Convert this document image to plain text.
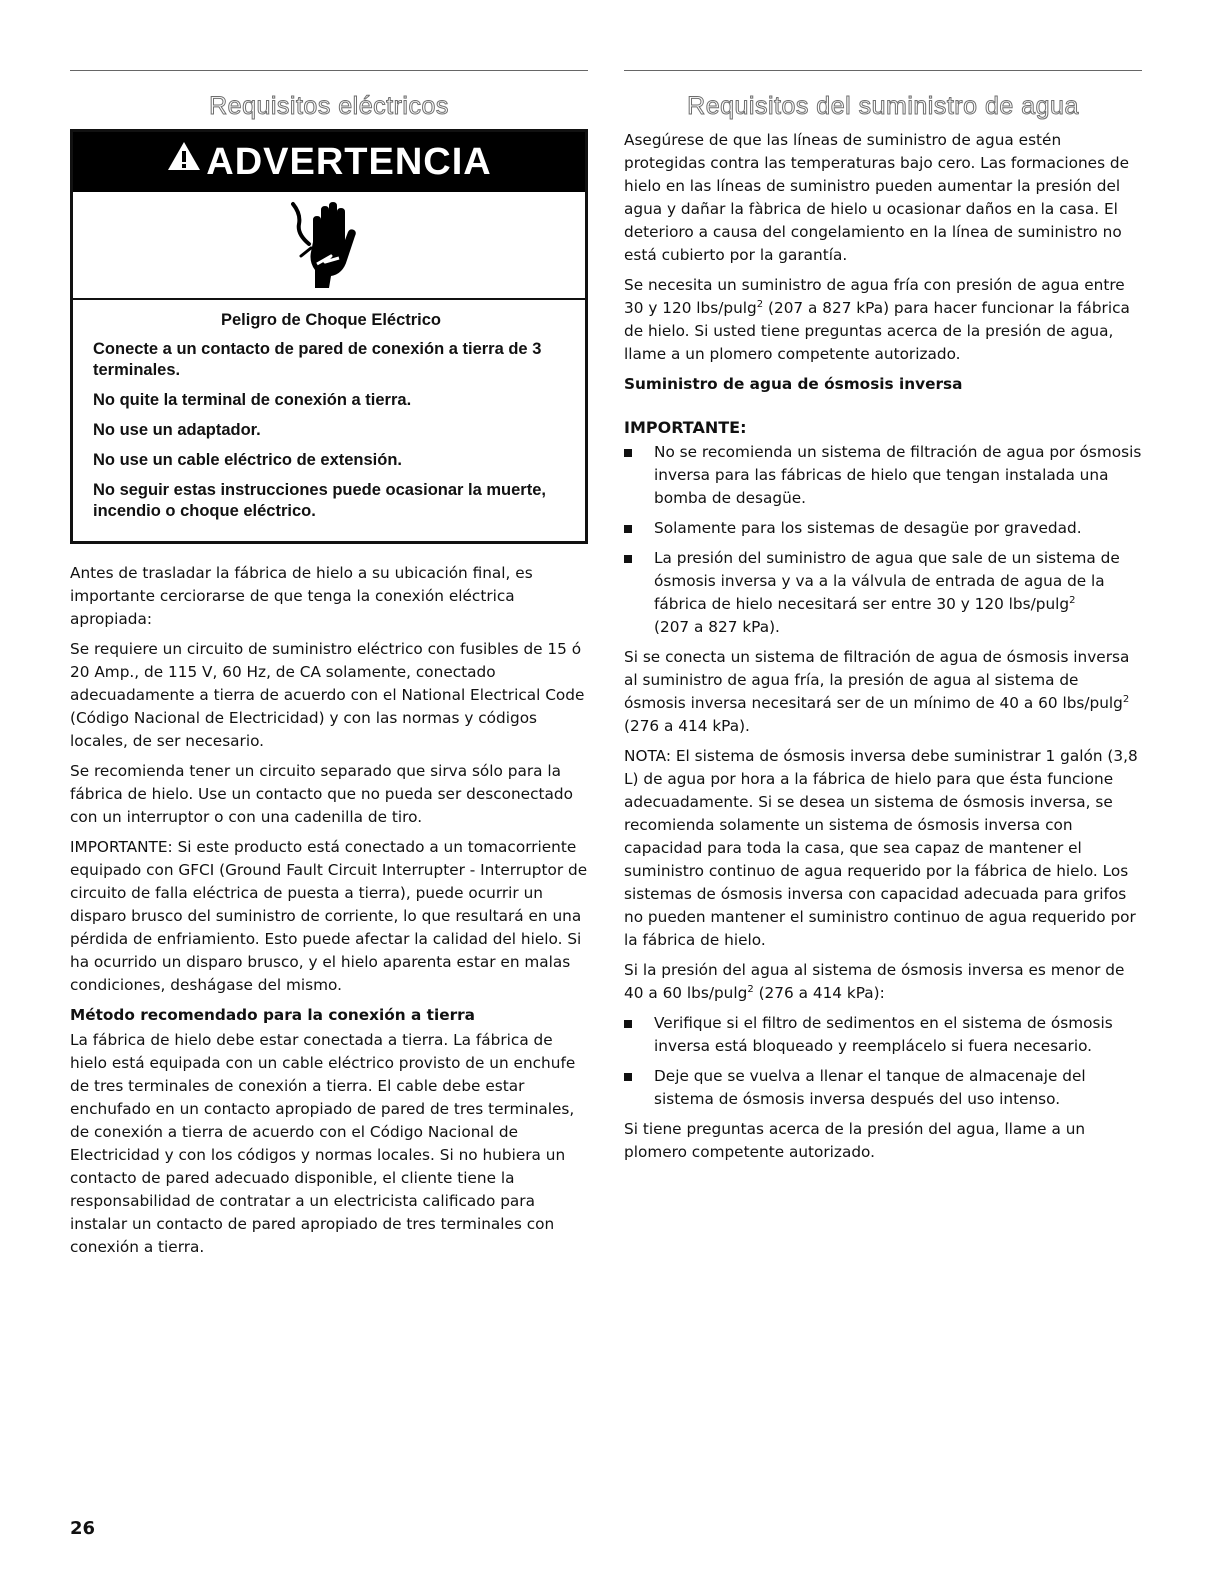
Requisitos eléctricos
ADVERTENCIA
Peligro de Choque Eléctrico
Conecte a un contacto de pared de conexión a tierra de 3 terminales.
No quite la terminal de conexión a tierra.
No use un adaptador.
No use un cable eléctrico de extensión.
No seguir estas instrucciones puede ocasionar la muerte, incendio o choque eléctrico.

Antes de trasladar la fábrica de hielo a su ubicación final, es importante cerciorarse de que tenga la conexión eléctrica apropiada:

Se requiere un circuito de suministro eléctrico con fusibles de 15 ó 20 Amp., de 115 V, 60 Hz, de CA solamente, conectado adecuadamente a tierra de acuerdo con el National Electrical Code (Código Nacional de Electricidad) y con las normas y códigos locales, de ser necesario.

Se recomienda tener un circuito separado que sirva sólo para la fábrica de hielo. Use un contacto que no pueda ser desconectado con un interruptor o con una cadenilla de tiro.

IMPORTANTE: Si este producto está conectado a un tomacorriente equipado con GFCI (Ground Fault Circuit Interrupter - Interruptor de circuito de falla eléctrica de puesta a tierra), puede ocurrir un disparo brusco del suministro de corriente, lo que resultará en una pérdida de enfriamiento. Esto puede afectar la calidad del hielo. Si ha ocurrido un disparo brusco, y el hielo aparenta estar en malas condiciones, deshágase del mismo.

Método recomendado para la conexión a tierra

La fábrica de hielo debe estar conectada a tierra. La fábrica de hielo está equipada con un cable eléctrico provisto de un enchufe de tres terminales de conexión a tierra. El cable debe estar enchufado en un contacto apropiado de pared de tres terminales, de conexión a tierra de acuerdo con el Código Nacional de Electricidad y con los códigos y normas locales. Si no hubiera un contacto de pared adecuado disponible, el cliente tiene la responsabilidad de contratar a un electricista calificado para instalar un contacto de pared apropiado de tres terminales con conexión a tierra.

Requisitos del suministro de agua

Asegúrese de que las líneas de suministro de agua estén protegidas contra las temperaturas bajo cero. Las formaciones de hielo en las líneas de suministro pueden aumentar la presión del agua y dañar la fàbrica de hielo u ocasionar daños en la casa. El deterioro a causa del congelamiento en la línea de suministro no está cubierto por la garantía.

Se necesita un suministro de agua fría con presión de agua entre 30 y 120 lbs/pulg$^2$ (207 a 827 kPa) para hacer funcionar la fábrica de hielo. Si usted tiene preguntas acerca de la presión de agua, llame a un plomero competente autorizado.

Suministro de agua de ósmosis inversa
IMPORTANTE:
No se recomienda un sistema de filtración de agua por ósmosis inversa para las fábricas de hielo que tengan instalada una bomba de desagüe.
Solamente para los sistemas de desagüe por gravedad.
La presión del suministro de agua que sale de un sistema de ósmosis inversa y va a la válvula de entrada de agua de la fábrica de hielo necesitará ser entre 30 y 120 lbs/pulg$^2$
(207 a 827 kPa).

Si se conecta un sistema de filtración de agua de ósmosis inversa al suministro de agua fría, la presión de agua al sistema de ósmosis inversa necesitará ser de un mínimo de 40 a 60 lbs/pulg$^2$ (276 a 414 kPa).

NOTA: El sistema de ósmosis inversa debe suministrar 1 galón (3,8 L) de agua por hora a la fábrica de hielo para que ésta funcione adecuadamente. Si se desea un sistema de ósmosis inversa, se recomienda solamente un sistema de ósmosis inversa con capacidad para toda la casa, que sea capaz de mantener el suministro continuo de agua requerido por la fábrica de hielo. Los sistemas de ósmosis inversa con capacidad adecuada para grifos no pueden mantener el suministro continuo de agua requerido por la fábrica de hielo.

Si la presión del agua al sistema de ósmosis inversa es menor de 40 a 60 lbs/pulg$^2$ (276 a 414 kPa):

Verifique si el filtro de sedimentos en el sistema de ósmosis inversa está bloqueado y reemplácelo si fuera necesario.
Deje que se vuelva a llenar el tanque de almacenaje del sistema de ósmosis inversa después del uso intenso.

Si tiene preguntas acerca de la presión del agua, llame a un plomero competente autorizado.

26
